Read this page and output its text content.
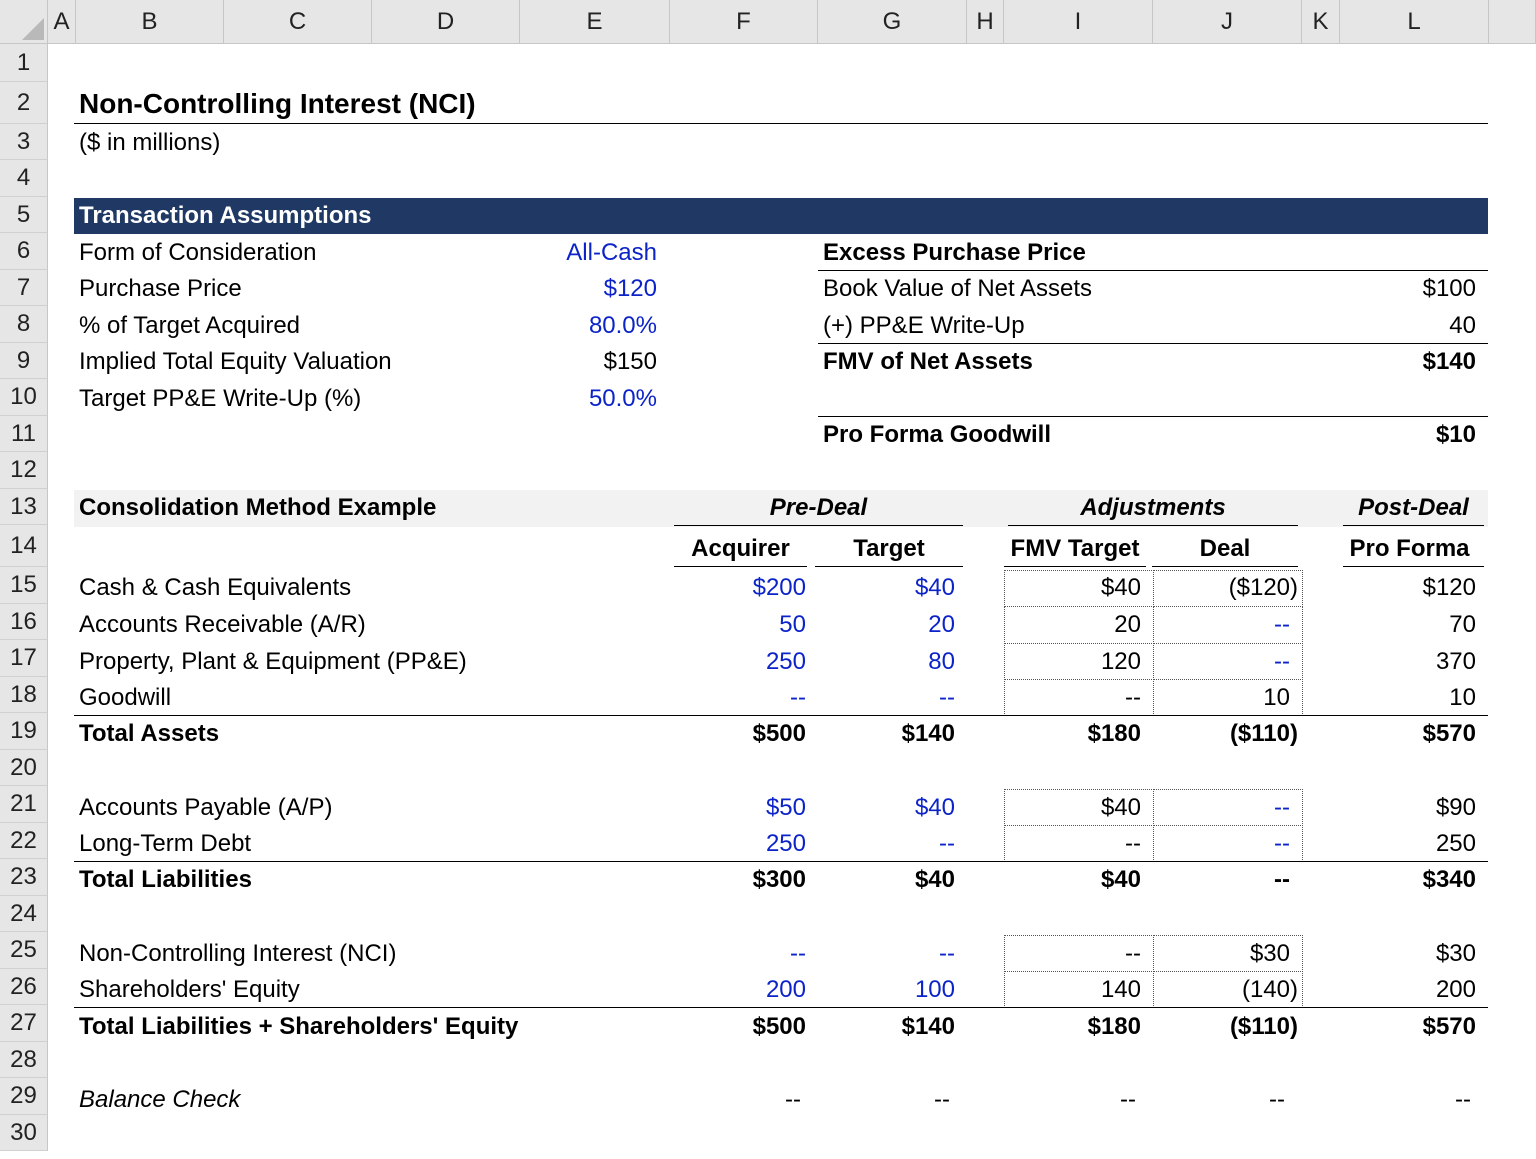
A	B	C	D	E	F	G	H	I	J	K	L
1
2
3
4
5
6
7
8
9
10
11
12
13
14
15
16
17
18
19
20
21
22
23
24
25
26
27
28
29
30
Non-Controlling Interest (NCI)
($ in millions)
Transaction Assumptions
Form of Consideration	All-Cash
Purchase Price	$120
% of Target Acquired	80.0%
Implied Total Equity Valuation	$150
Target PP&E Write-Up (%)	50.0%
Excess Purchase Price
Book Value of Net Assets	$100
(+) PP&E Write-Up	40
FMV of Net Assets	$140
Pro Forma Goodwill	$10
Consolidation Method Example	Pre-Deal	Adjustments	Post-Deal
Acquirer	Target	FMV Target	Deal	Pro Forma
Cash & Cash Equivalents	$200	$40	$40	($120)	$120
Accounts Receivable (A/R)	50	20	20	--	70
Property, Plant & Equipment (PP&E)	250	80	120	--	370
Goodwill	--	--	--	10	10
Total Assets	$500	$140	$180	($110)	$570
Accounts Payable (A/P)	$50	$40	$40	--	$90
Long-Term Debt	250	--	--	--	250
Total Liabilities	$300	$40	$40	--	$340
Non-Controlling Interest (NCI)	--	--	--	$30	$30
Shareholders' Equity	200	100	140	(140)	200
Total Liabilities + Shareholders' Equity	$500	$140	$180	($110)	$570
Balance Check	--	--	--	--	--
